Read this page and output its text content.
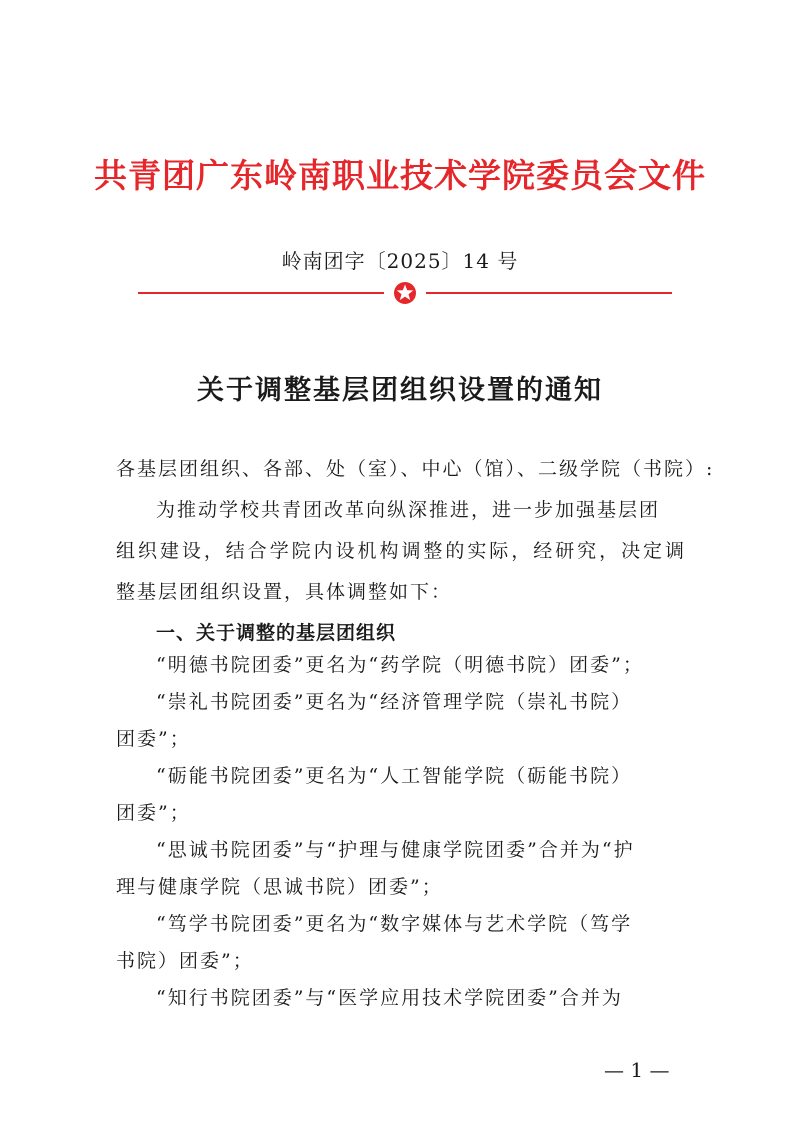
共青团广东岭南职业技术学院委员会文件
岭南团字〔2025〕14 号
关于调整基层团组织设置的通知
各基层团组织、各部、处（室）、中心（馆）、二级学院（书院）:
为推动学校共青团改革向纵深推进，进一步加强基层团
组织建设，结合学院内设机构调整的实际，经研究，决定调
整基层团组织设置，具体调整如下：
一、关于调整的基层团组织
“明德书院团委”更名为“药学院（明德书院）团委”；
“崇礼书院团委”更名为“经济管理学院（崇礼书院）
团委”；
“砺能书院团委”更名为“人工智能学院（砺能书院）
团委”；
“思诚书院团委”与“护理与健康学院团委”合并为“护
理与健康学院（思诚书院）团委”；
“笃学书院团委”更名为“数字媒体与艺术学院（笃学
书院）团委”；
“知行书院团委”与“医学应用技术学院团委”合并为
— 1 —
